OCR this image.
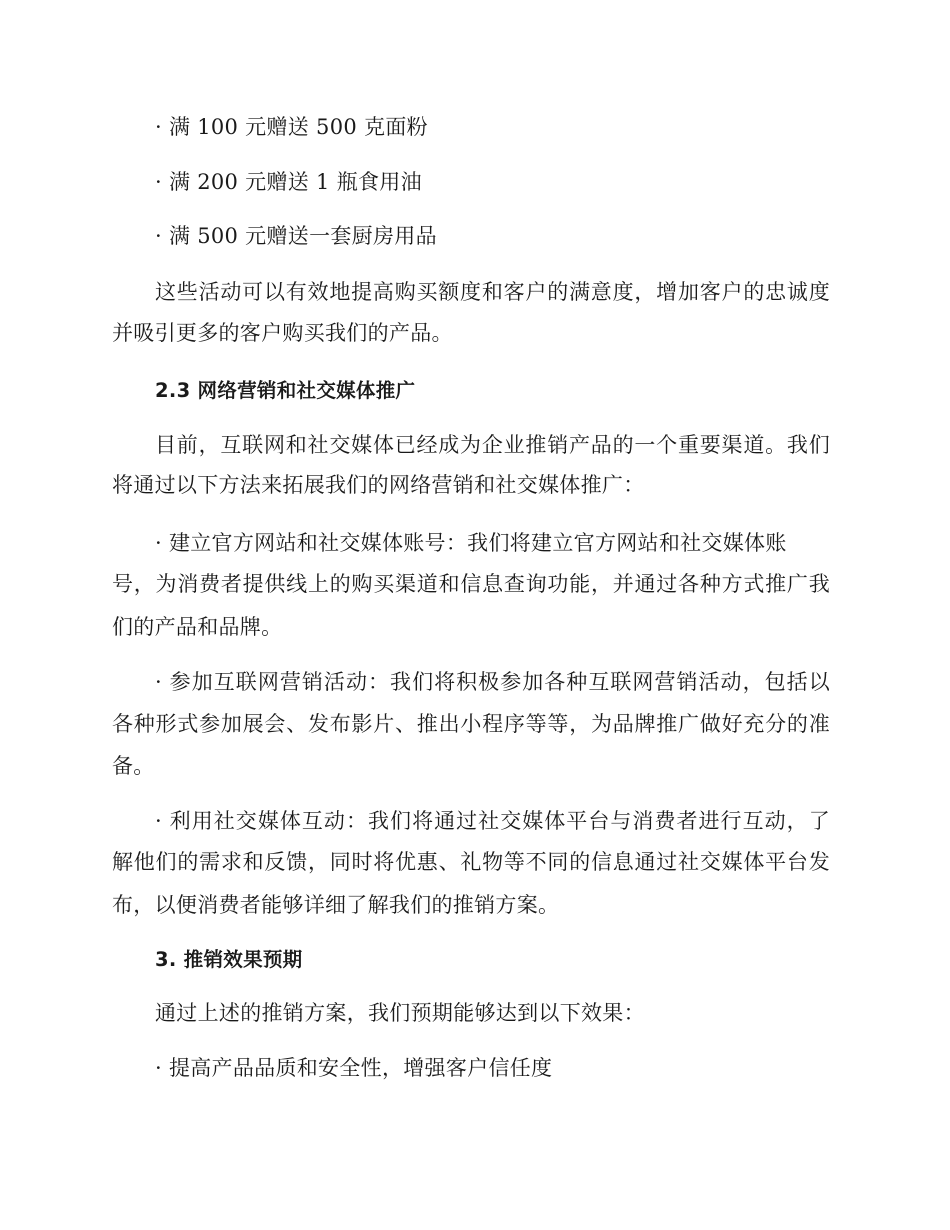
· 满 100 元赠送 500 克面粉
· 满 200 元赠送 1 瓶食用油
· 满 500 元赠送一套厨房用品
这些活动可以有效地提高购买额度和客户的满意度，增加客户的忠诚度
并吸引更多的客户购买我们的产品。
2.3 网络营销和社交媒体推广
目前，互联网和社交媒体已经成为企业推销产品的一个重要渠道。我们
将通过以下方法来拓展我们的网络营销和社交媒体推广：
· 建立官方网站和社交媒体账号：我们将建立官方网站和社交媒体账
号，为消费者提供线上的购买渠道和信息查询功能，并通过各种方式推广我
们的产品和品牌。
· 参加互联网营销活动：我们将积极参加各种互联网营销活动，包括以
各种形式参加展会、发布影片、推出小程序等等，为品牌推广做好充分的准
备。
· 利用社交媒体互动：我们将通过社交媒体平台与消费者进行互动，了
解他们的需求和反馈，同时将优惠、礼物等不同的信息通过社交媒体平台发
布，以便消费者能够详细了解我们的推销方案。
3. 推销效果预期
通过上述的推销方案，我们预期能够达到以下效果：
· 提高产品品质和安全性，增强客户信任度
